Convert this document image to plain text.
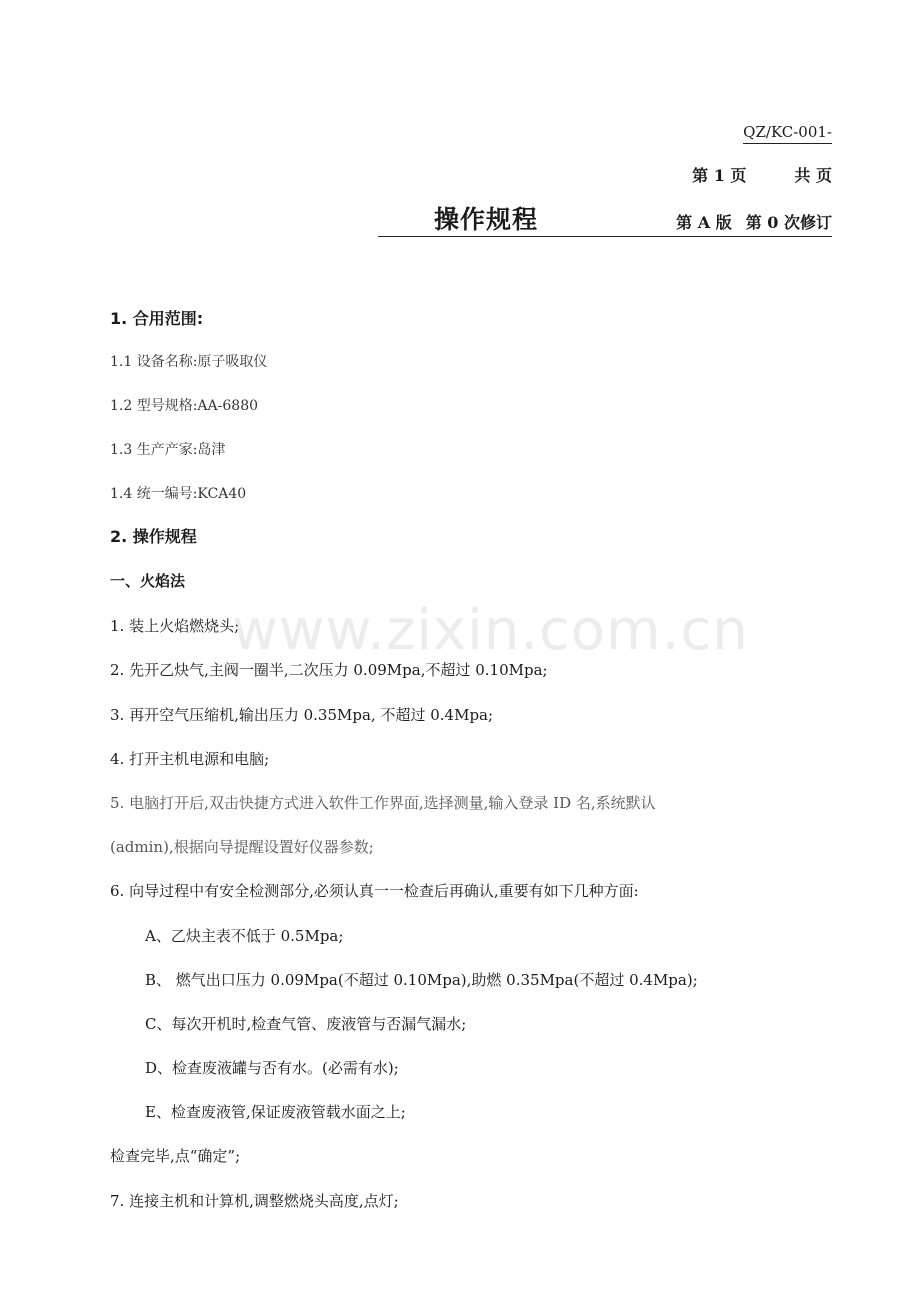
QZ/KC-001-
第 1 页	共 页
操作规程	第 A 版 第 0 次修订
1. 合用范围:
1.1 设备名称:原子吸取仪
1.2 型号规格:AA-6880
1.3 生产产家:岛津
1.4 统一编号:KCA40
2. 操作规程
一、火焰法
1. 装上火焰燃烧头;
2. 先开乙炔气,主阀一圈半,二次压力 0.09Mpa,不超过 0.10Mpa;
3. 再开空气压缩机,输出压力 0.35Mpa, 不超过 0.4Mpa;
4. 打开主机电源和电脑;
5. 电脑打开后,双击快捷方式进入软件工作界面,选择测量,输入登录 ID 名,系统默认
(admin),根据向导提醒设置好仪器参数;
6. 向导过程中有安全检测部分,必须认真一一检查后再确认,重要有如下几种方面:
A、乙炔主表不低于 0.5Mpa;
B、 燃气出口压力 0.09Mpa(不超过 0.10Mpa),助燃 0.35Mpa(不超过 0.4Mpa);
C、每次开机时,检查气管、废液管与否漏气漏水;
D、检查废液罐与否有水。(必需有水);
E、检查废液管,保证废液管载水面之上;
检查完毕,点“确定”;
7. 连接主机和计算机,调整燃烧头高度,点灯;
www.zixin.com.cn
